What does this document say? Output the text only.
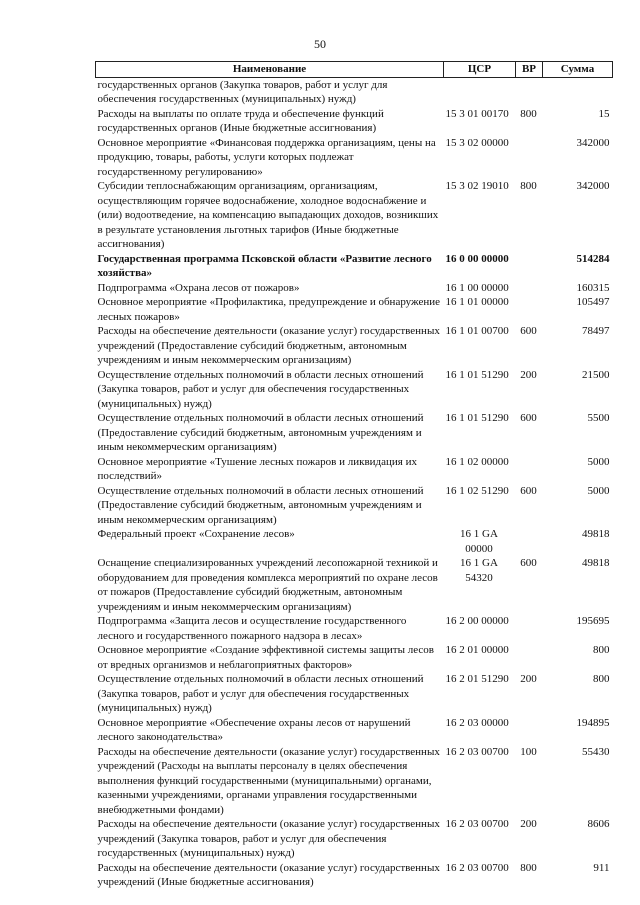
50
Наименование	ЦСР	ВР	Сумма
государственных органов (Закупка товаров, работ и услуг для обеспечения государственных (муниципальных) нужд)			
Расходы на выплаты по оплате труда и обеспечение функций государственных органов (Иные бюджетные ассигнования)	15 3 01 00170	800	15
Основное мероприятие «Финансовая поддержка организациям, цены на продукцию, товары, работы, услуги которых подлежат государственному регулированию»	15 3 02 00000		342000
Субсидии теплоснабжающим организациям, организациям, осуществляющим горячее водоснабжение, холодное водоснабжение и (или) водоотведение, на компенсацию выпадающих доходов, возникших в результате установления льготных тарифов (Иные бюджетные ассигнования)	15 3 02 19010	800	342000
Государственная программа Псковской области «Развитие лесного хозяйства»	16 0 00 00000		514284
Подпрограмма «Охрана лесов от пожаров»	16 1 00 00000		160315
Основное мероприятие «Профилактика, предупреждение и обнаружение лесных пожаров»	16 1 01 00000		105497
Расходы на обеспечение деятельности (оказание услуг) государственных учреждений (Предоставление субсидий бюджетным, автономным учреждениям и иным некоммерческим организациям)	16 1 01 00700	600	78497
Осуществление отдельных полномочий в области лесных отношений (Закупка товаров, работ и услуг для обеспечения государственных (муниципальных) нужд)	16 1 01 51290	200	21500
Осуществление отдельных полномочий в области лесных отношений (Предоставление субсидий бюджетным, автономным учреждениям и иным некоммерческим организациям)	16 1 01 51290	600	5500
Основное мероприятие «Тушение лесных пожаров и ликвидация их последствий»	16 1 02 00000		5000
Осуществление отдельных полномочий в области лесных отношений (Предоставление субсидий бюджетным, автономным учреждениям и иным некоммерческим организациям)	16 1 02 51290	600	5000
Федеральный проект «Сохранение лесов»	16 1 GA 00000		49818
Оснащение специализированных учреждений лесопожарной техникой и оборудованием для проведения комплекса мероприятий по охране лесов от пожаров (Предоставление субсидий бюджетным, автономным учреждениям и иным некоммерческим организациям)	16 1 GA 54320	600	49818
Подпрограмма «Защита лесов и осуществление государственного лесного и государственного пожарного надзора в лесах»	16 2 00 00000		195695
Основное мероприятие «Создание эффективной системы защиты лесов от вредных организмов и неблагоприятных факторов»	16 2 01 00000		800
Осуществление отдельных полномочий в области лесных отношений (Закупка товаров, работ и услуг для обеспечения государственных (муниципальных) нужд)	16 2 01 51290	200	800
Основное мероприятие «Обеспечение охраны лесов от нарушений лесного законодательства»	16 2 03 00000		194895
Расходы на обеспечение деятельности (оказание услуг) государственных учреждений (Расходы на выплаты персоналу в целях обеспечения выполнения функций государственными (муниципальными) органами, казенными учреждениями, органами управления государственными внебюджетными фондами)	16 2 03 00700	100	55430
Расходы на обеспечение деятельности (оказание услуг) государственных учреждений (Закупка товаров, работ и услуг для обеспечения государственных (муниципальных) нужд)	16 2 03 00700	200	8606
Расходы на обеспечение деятельности (оказание услуг) государственных учреждений (Иные бюджетные ассигнования)	16 2 03 00700	800	911
